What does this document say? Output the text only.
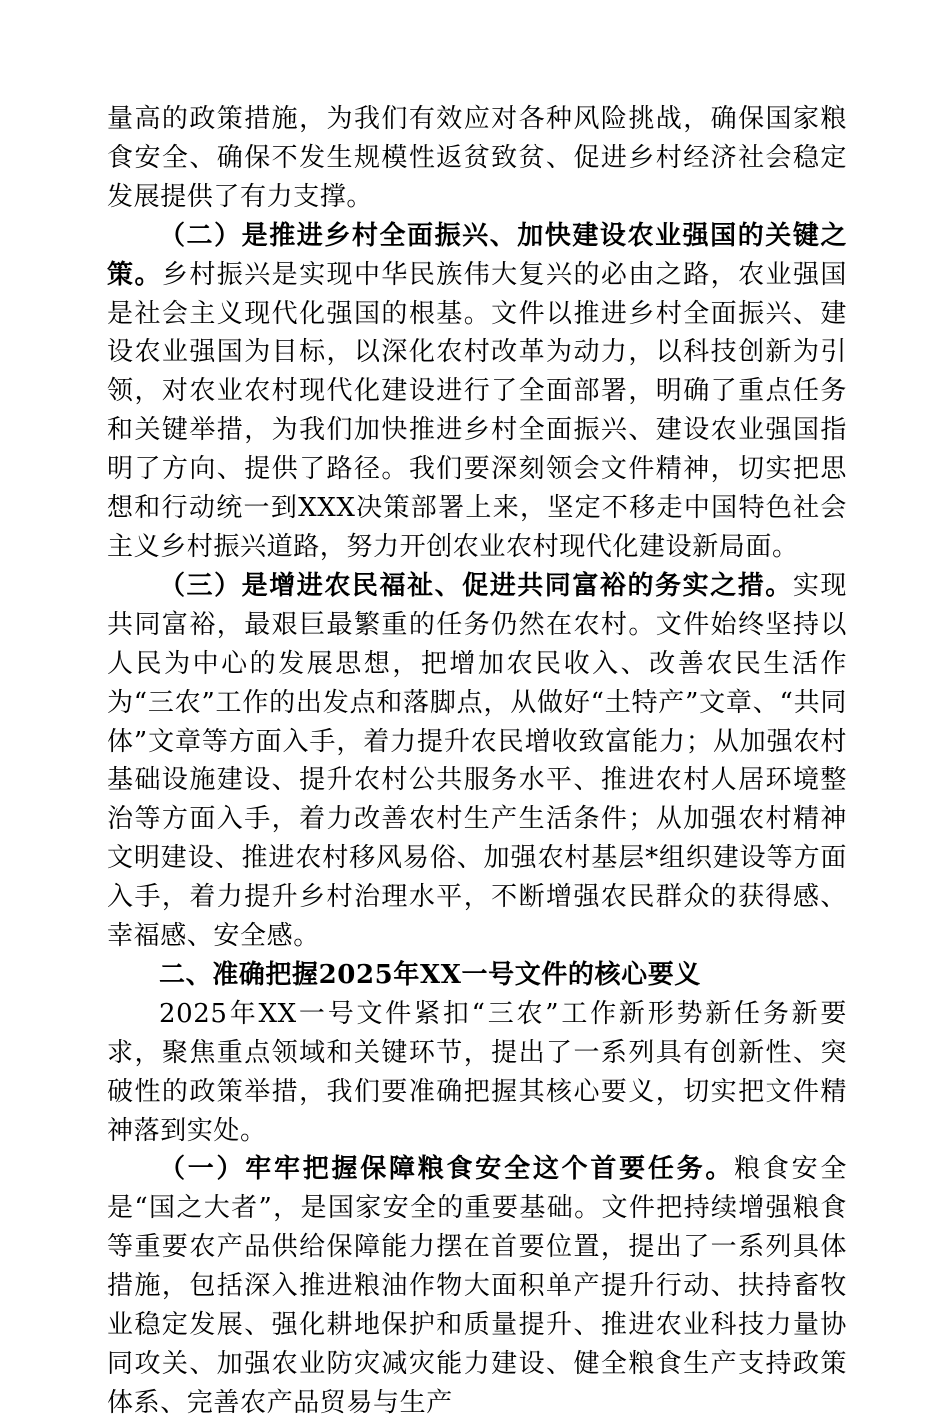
量高的政策措施，为我们有效应对各种风险挑战，确保国家粮食安全、确保不发生规模性返贫致贫、促进乡村经济社会稳定发展提供了有力支撑。

（二）是推进乡村全面振兴、加快建设农业强国的关键之策。乡村振兴是实现中华民族伟大复兴的必由之路，农业强国是社会主义现代化强国的根基。文件以推进乡村全面振兴、建设农业强国为目标，以深化农村改革为动力，以科技创新为引领，对农业农村现代化建设进行了全面部署，明确了重点任务和关键举措，为我们加快推进乡村全面振兴、建设农业强国指明了方向、提供了路径。我们要深刻领会文件精神，切实把思想和行动统一到XXX决策部署上来，坚定不移走中国特色社会主义乡村振兴道路，努力开创农业农村现代化建设新局面。

（三）是增进农民福祉、促进共同富裕的务实之措。实现共同富裕，最艰巨最繁重的任务仍然在农村。文件始终坚持以人民为中心的发展思想，把增加农民收入、改善农民生活作为“三农”工作的出发点和落脚点，从做好“土特产”文章、“共同体”文章等方面入手，着力提升农民增收致富能力；从加强农村基础设施建设、提升农村公共服务水平、推进农村人居环境整治等方面入手，着力改善农村生产生活条件；从加强农村精神文明建设、推进农村移风易俗、加强农村基层*组织建设等方面入手，着力提升乡村治理水平，不断增强农民群众的获得感、幸福感、安全感。

二、准确把握2025年XX一号文件的核心要义

2025年XX一号文件紧扣“三农”工作新形势新任务新要求，聚焦重点领域和关键环节，提出了一系列具有创新性、突破性的政策举措，我们要准确把握其核心要义，切实把文件精神落到实处。

（一）牢牢把握保障粮食安全这个首要任务。粮食安全是“国之大者”，是国家安全的重要基础。文件把持续增强粮食等重要农产品供给保障能力摆在首要位置，提出了一系列具体措施，包括深入推进粮油作物大面积单产提升行动、扶持畜牧业稳定发展、强化耕地保护和质量提升、推进农业科技力量协同攻关、加强农业防灾减灾能力建设、健全粮食生产支持政策体系、完善农产品贸易与生产
